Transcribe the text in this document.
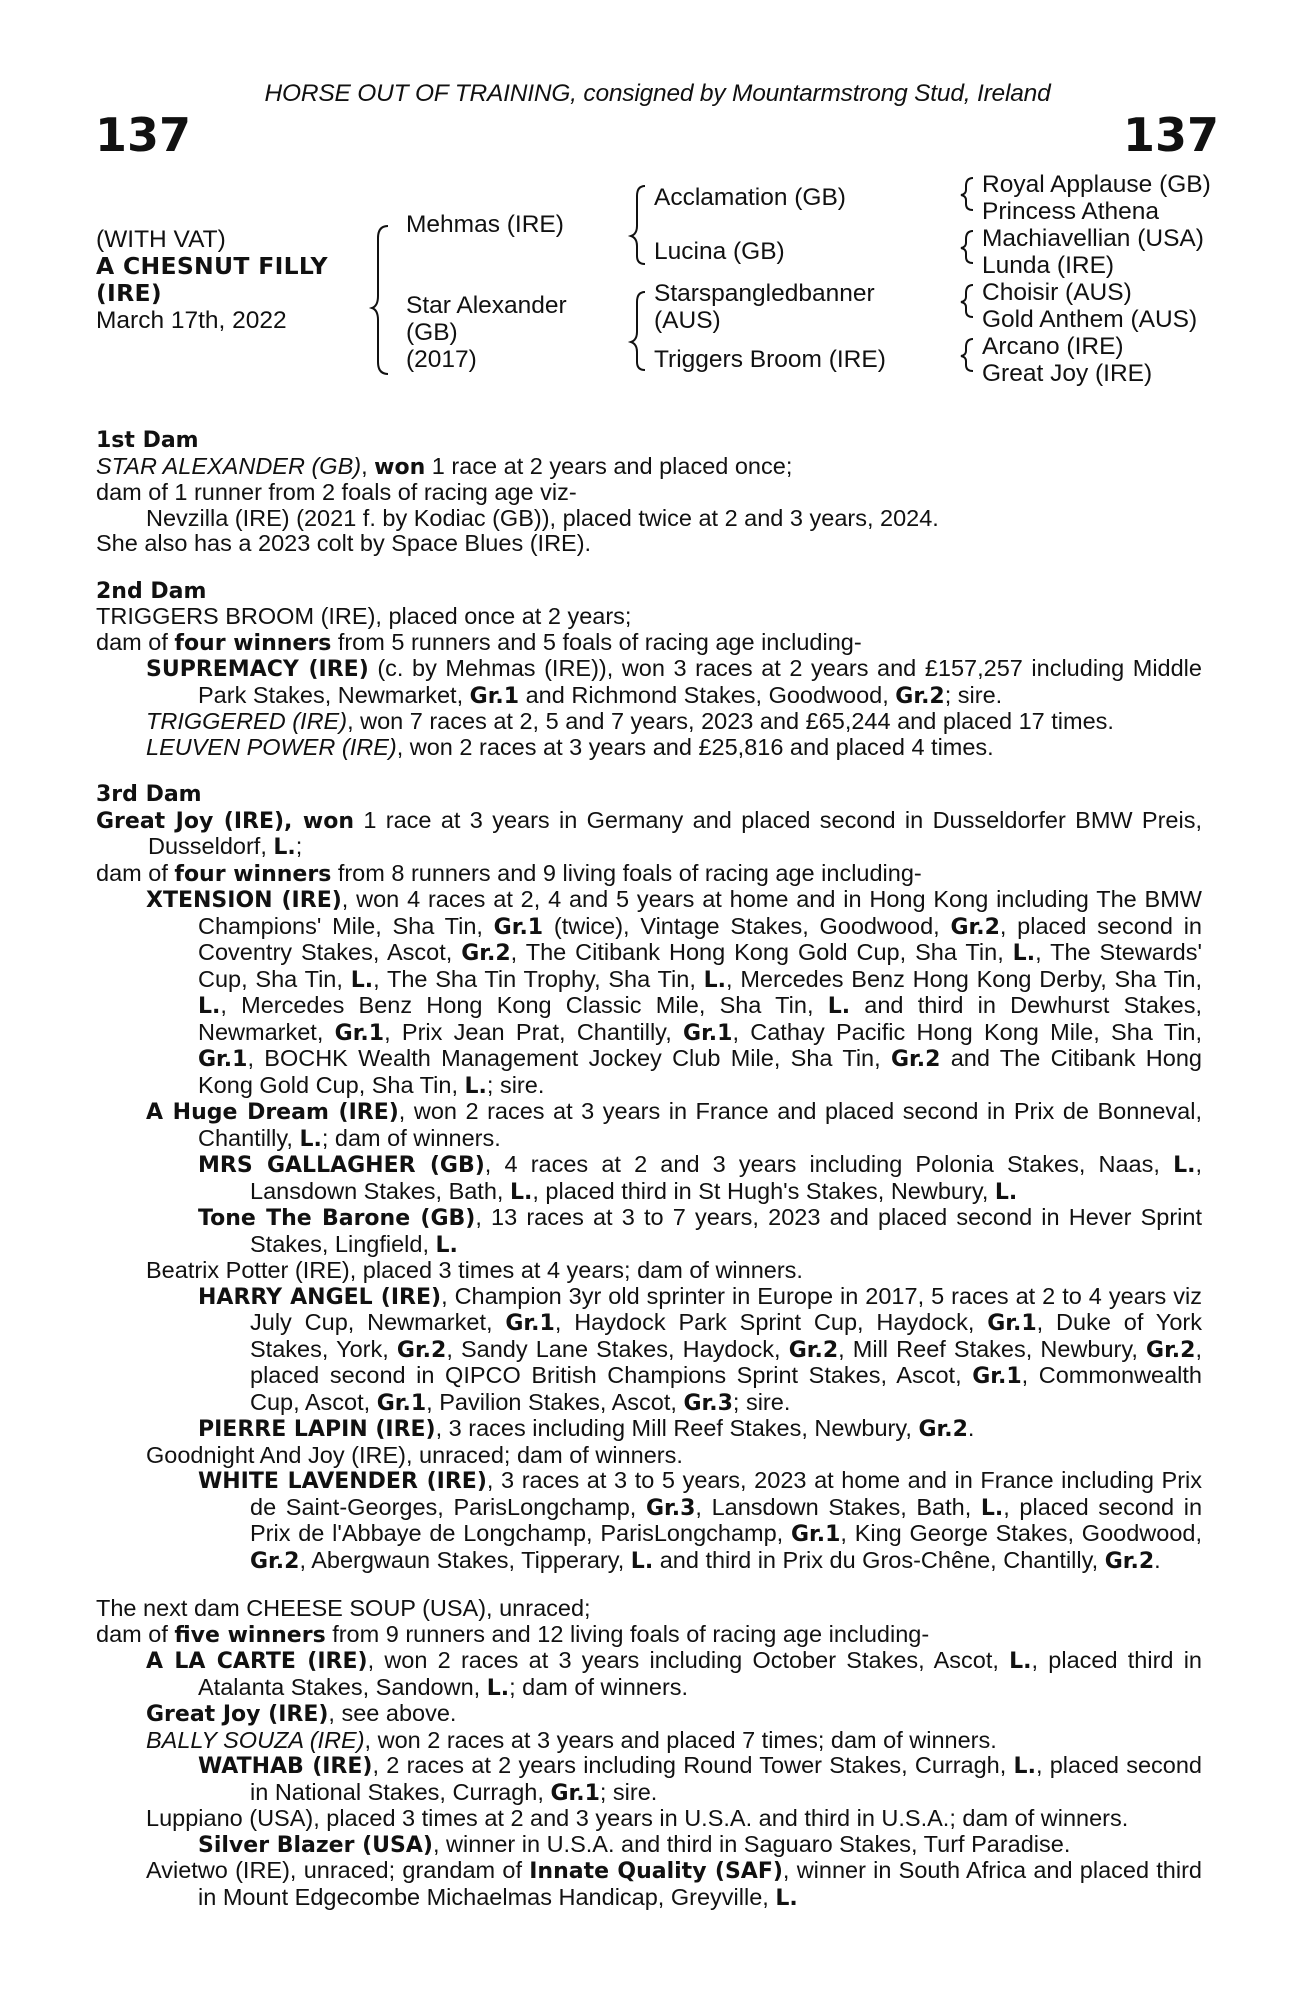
HORSE OUT OF TRAINING, consigned by Mountarmstrong Stud, Ireland
137	137
(WITH VAT)
A CHESNUT FILLY
(IRE)
March 17th, 2022
Mehmas (IRE)
Star Alexander
(GB)
(2017)
Acclamation (GB)
Lucina (GB)
Starspangledbanner
(AUS)
Triggers Broom (IRE)
Royal Applause (GB)
Princess Athena
Machiavellian (USA)
Lunda (IRE)
Choisir (AUS)
Gold Anthem (AUS)
Arcano (IRE)
Great Joy (IRE)
1st Dam

STAR ALEXANDER (GB), won 1 race at 2 years and placed once;

dam of 1 runner from 2 foals of racing age viz-

Nevzilla (IRE) (2021 f. by Kodiac (GB)), placed twice at 2 and 3 years, 2024.

She also has a 2023 colt by Space Blues (IRE).

2nd Dam

TRIGGERS BROOM (IRE), placed once at 2 years;

dam of four winners from 5 runners and 5 foals of racing age including-

SUPREMACY (IRE) (c. by Mehmas (IRE)), won 3 races at 2 years and £157,257 including Middle Park Stakes, Newmarket, Gr.1 and Richmond Stakes, Goodwood, Gr.2; sire.

TRIGGERED (IRE), won 7 races at 2, 5 and 7 years, 2023 and £65,244 and placed 17 times.

LEUVEN POWER (IRE), won 2 races at 3 years and £25,816 and placed 4 times.

3rd Dam

Great Joy (IRE), won 1 race at 3 years in Germany and placed second in Dusseldorfer BMW Preis, Dusseldorf, L.;

dam of four winners from 8 runners and 9 living foals of racing age including-

XTENSION (IRE), won 4 races at 2, 4 and 5 years at home and in Hong Kong including The BMW Champions' Mile, Sha Tin, Gr.1 (twice), Vintage Stakes, Goodwood, Gr.2, placed second in Coventry Stakes, Ascot, Gr.2, The Citibank Hong Kong Gold Cup, Sha Tin, L., The Stewards' Cup, Sha Tin, L., The Sha Tin Trophy, Sha Tin, L., Mercedes Benz Hong Kong Derby, Sha Tin, L., Mercedes Benz Hong Kong Classic Mile, Sha Tin, L. and third in Dewhurst Stakes, Newmarket, Gr.1, Prix Jean Prat, Chantilly, Gr.1, Cathay Pacific Hong Kong Mile, Sha Tin, Gr.1, BOCHK Wealth Management Jockey Club Mile, Sha Tin, Gr.2 and The Citibank Hong Kong Gold Cup, Sha Tin, L.; sire.

A Huge Dream (IRE), won 2 races at 3 years in France and placed second in Prix de Bonneval, Chantilly, L.; dam of winners.

MRS GALLAGHER (GB), 4 races at 2 and 3 years including Polonia Stakes, Naas, L., Lansdown Stakes, Bath, L., placed third in St Hugh's Stakes, Newbury, L.

Tone The Barone (GB), 13 races at 3 to 7 years, 2023 and placed second in Hever Sprint Stakes, Lingfield, L.

Beatrix Potter (IRE), placed 3 times at 4 years; dam of winners.

HARRY ANGEL (IRE), Champion 3yr old sprinter in Europe in 2017, 5 races at 2 to 4 years viz July Cup, Newmarket, Gr.1, Haydock Park Sprint Cup, Haydock, Gr.1, Duke of York Stakes, York, Gr.2, Sandy Lane Stakes, Haydock, Gr.2, Mill Reef Stakes, Newbury, Gr.2, placed second in QIPCO British Champions Sprint Stakes, Ascot, Gr.1, Commonwealth Cup, Ascot, Gr.1, Pavilion Stakes, Ascot, Gr.3; sire.

PIERRE LAPIN (IRE), 3 races including Mill Reef Stakes, Newbury, Gr.2.

Goodnight And Joy (IRE), unraced; dam of winners.

WHITE LAVENDER (IRE), 3 races at 3 to 5 years, 2023 at home and in France including Prix de Saint-Georges, ParisLongchamp, Gr.3, Lansdown Stakes, Bath, L., placed second in Prix de l'Abbaye de Longchamp, ParisLongchamp, Gr.1, King George Stakes, Goodwood, Gr.2, Abergwaun Stakes, Tipperary, L. and third in Prix du Gros-Chêne, Chantilly, Gr.2.

The next dam CHEESE SOUP (USA), unraced;

dam of five winners from 9 runners and 12 living foals of racing age including-

A LA CARTE (IRE), won 2 races at 3 years including October Stakes, Ascot, L., placed third in Atalanta Stakes, Sandown, L.; dam of winners.

Great Joy (IRE), see above.

BALLY SOUZA (IRE), won 2 races at 3 years and placed 7 times; dam of winners.

WATHAB (IRE), 2 races at 2 years including Round Tower Stakes, Curragh, L., placed second in National Stakes, Curragh, Gr.1; sire.

Luppiano (USA), placed 3 times at 2 and 3 years in U.S.A. and third in U.S.A.; dam of winners.

Silver Blazer (USA), winner in U.S.A. and third in Saguaro Stakes, Turf Paradise.

Avietwo (IRE), unraced; grandam of Innate Quality (SAF), winner in South Africa and placed third in Mount Edgecombe Michaelmas Handicap, Greyville, L.
